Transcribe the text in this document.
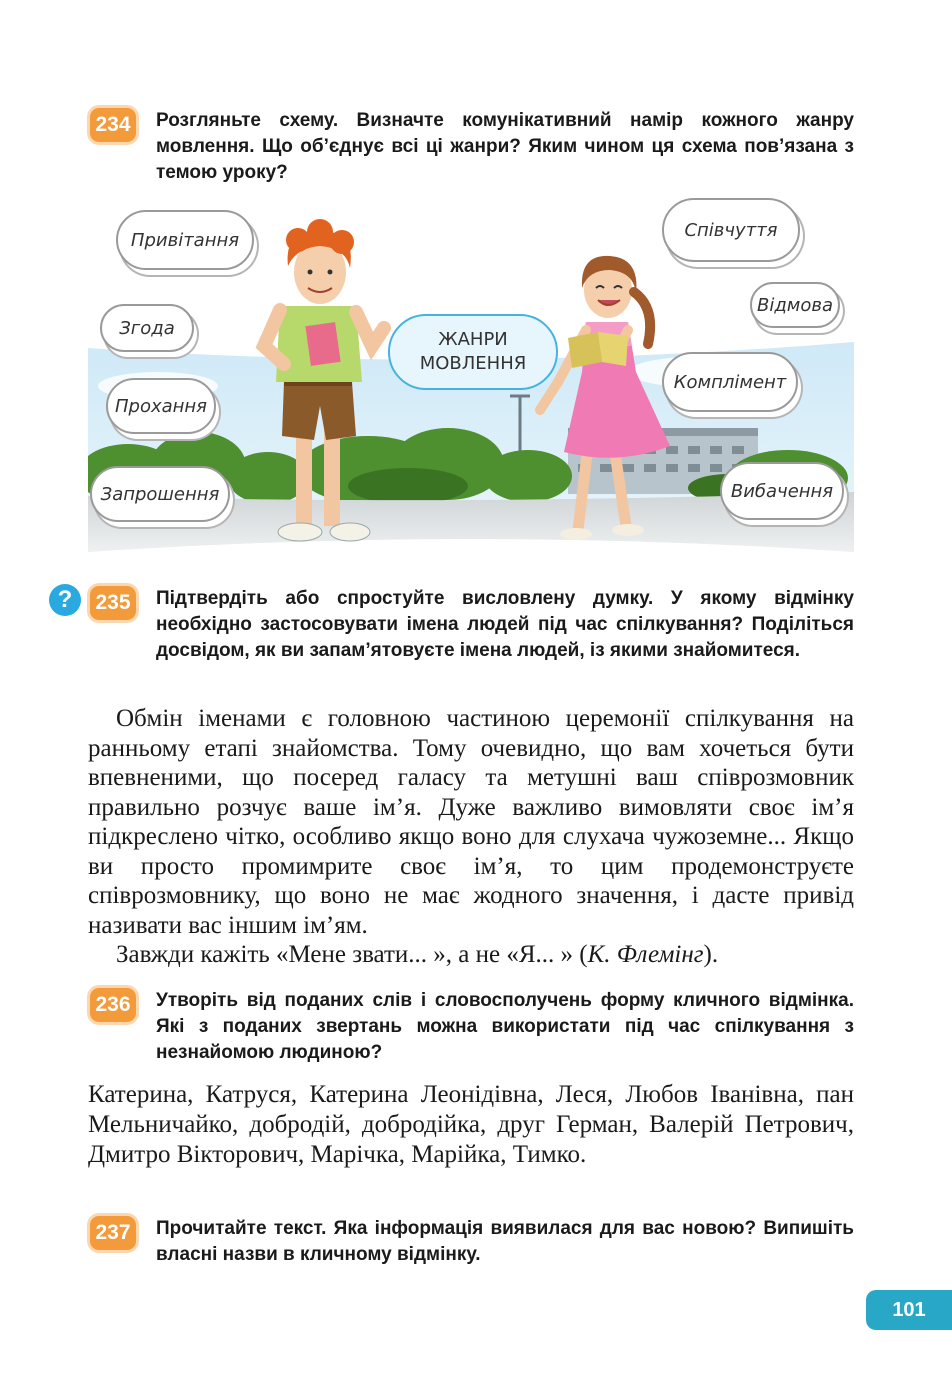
234 Розгляньте схему. Визначте комунікативний намір кожного жанру мовлення. Що об’єднує всі ці жанри? Яким чином ця схема пов’язана з темою уроку?
ЖАНРИ МОВЛЕННЯ
Привітання
Згода
Прохання
Запрошення
Співчуття
Відмова
Комплімент
Вибачення
?	235 Підтвердіть або спростуйте висловлену думку. У якому відмінку необхідно застосовувати імена людей під час спілкування? Поділіться досвідом, як ви запам’ятовуєте імена людей, із якими знайомитеся.

Обмін іменами є головною частиною церемонії спілкування на ранньому етапі знайомства. Тому очевидно, що вам хочеться бути впевненими, що посеред галасу та метушні ваш співрозмовник правильно розчує ваше ім’я. Дуже важливо вимовляти своє ім’я підкреслено чітко, особливо якщо воно для слухача чужоземне... Якщо ви просто промимрите своє ім’я, то цим продемонструєте співрозмовнику, що воно не має жодного значення, і дасте привід називати вас іншим ім’ям.

Завжди кажіть «Мене звати... », а не «Я... » (К. Флемінг).

236 Утворіть від поданих слів і словосполучень форму кличного відмінка. Які з поданих звертань можна використати під час спілкування з незнайомою людиною?
Катерина, Катруся, Катерина Леонідівна, Леся, Любов Іванівна, пан Мельничайко, добродій, добродійка, друг Герман, Валерій Петрович, Дмитро Вікторович, Марічка, Марійка, Тимко.
237 Прочитайте текст. Яка інформація виявилася для вас новою? Випишіть власні назви в кличному відмінку.
101
